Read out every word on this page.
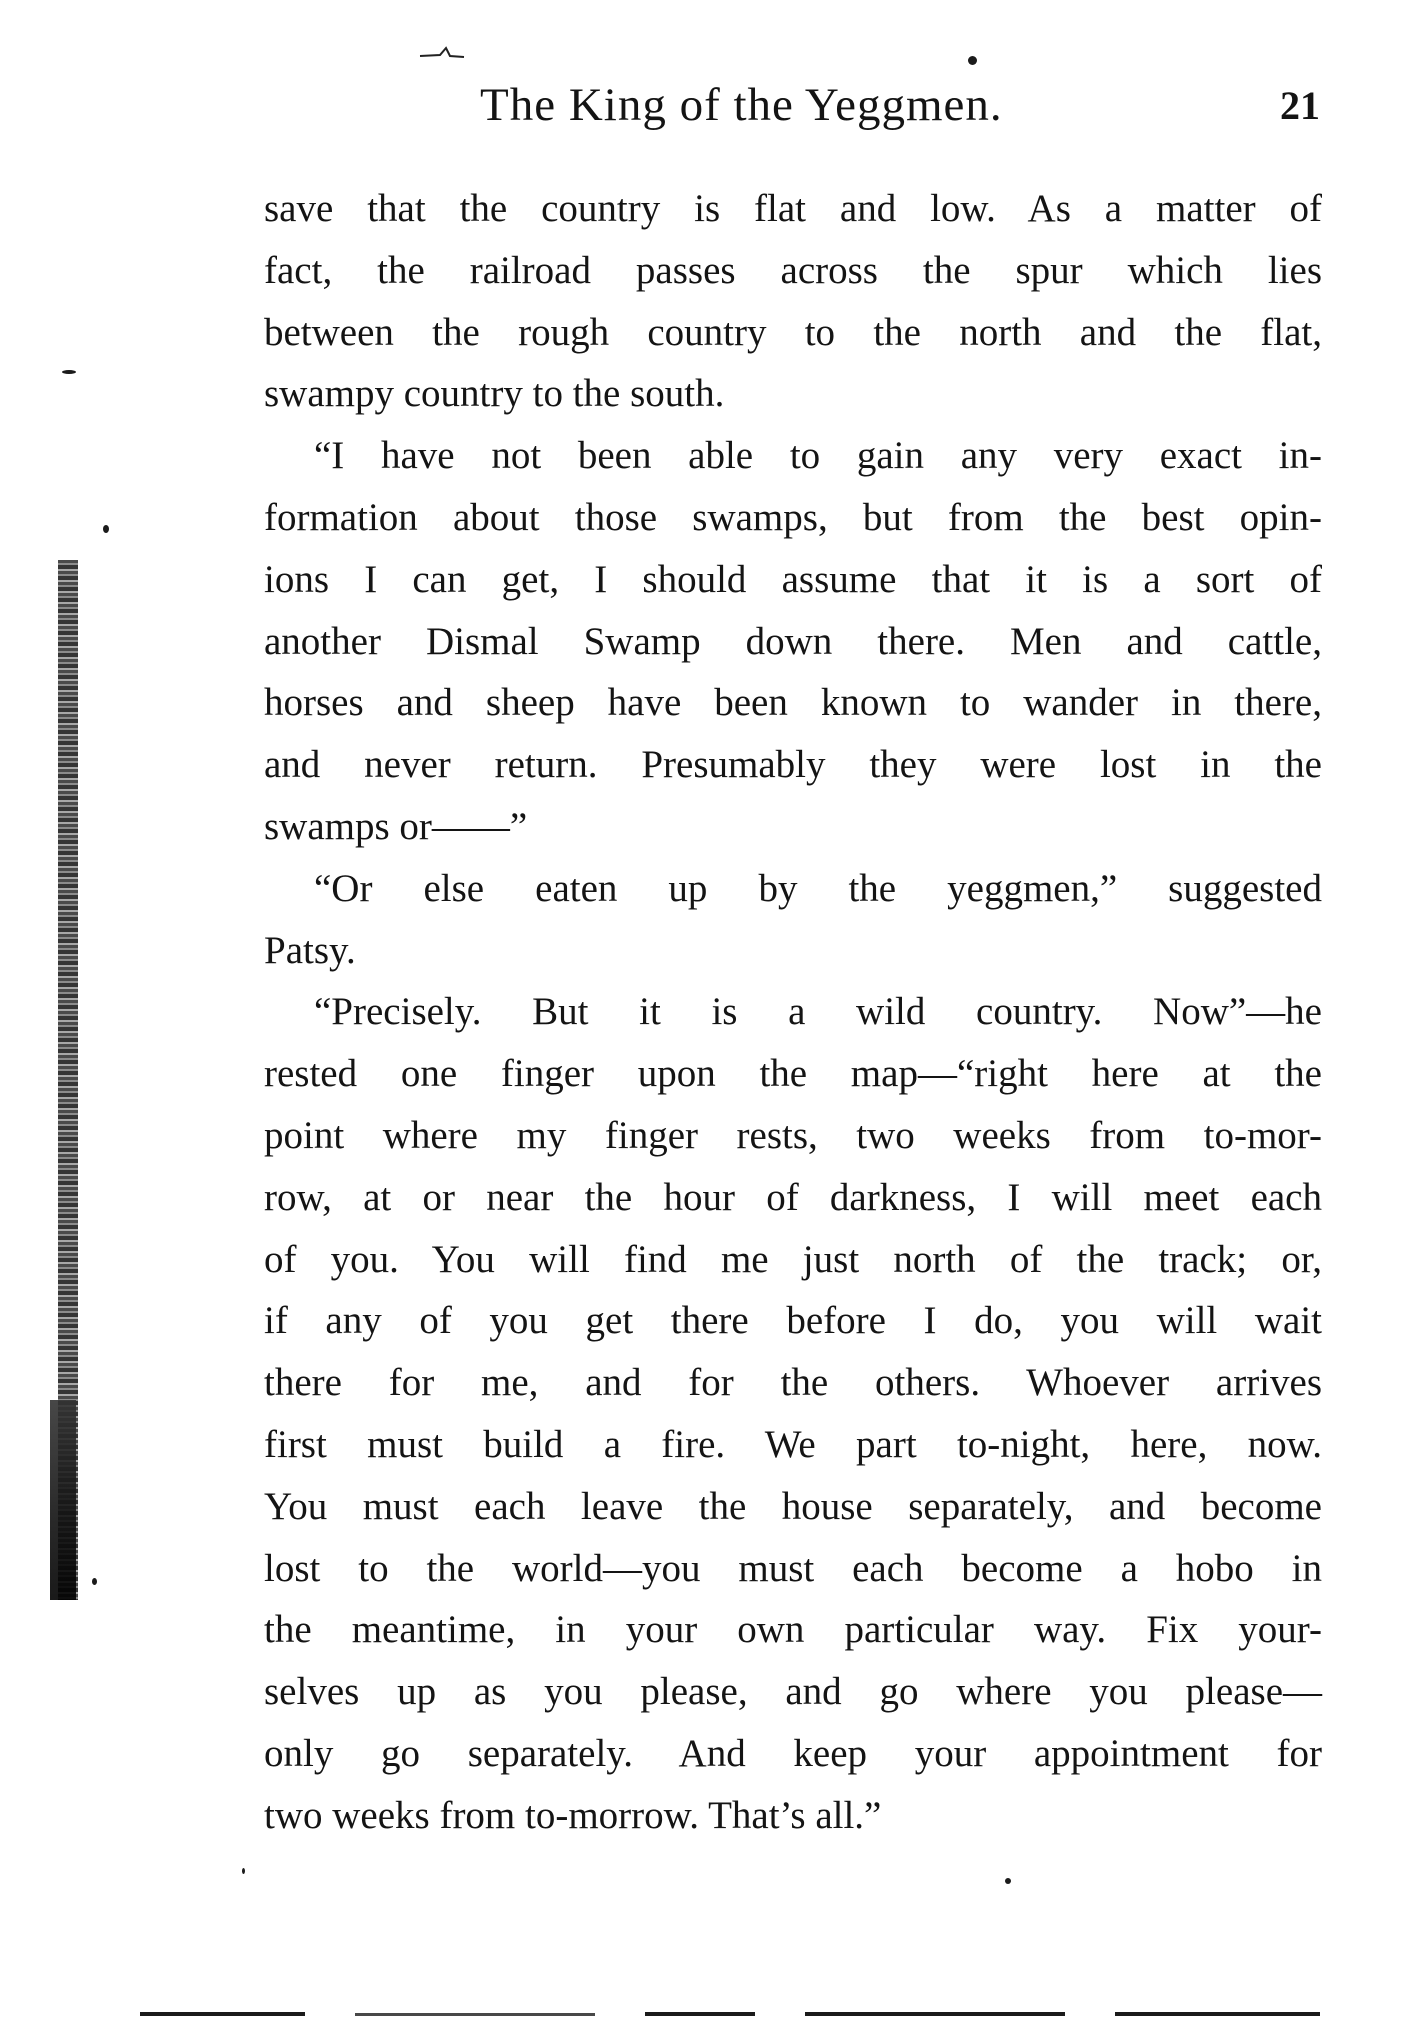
The King of the Yeggmen.	21
save that the country is flat and low. As a matter of
fact, the railroad passes across the spur which lies
between the rough country to the north and the flat,
swampy country to the south.
“I have not been able to gain any very exact in-
formation about those swamps, but from the best opin-
ions I can get, I should assume that it is a sort of
another Dismal Swamp down there. Men and cattle,
horses and sheep have been known to wander in there,
and never return. Presumably they were lost in the
swamps or——”
“Or else eaten up by the yeggmen,” suggested
Patsy.
“Precisely. But it is a wild country. Now”—he
rested one finger upon the map—“right here at the
point where my finger rests, two weeks from to-mor-
row, at or near the hour of darkness, I will meet each
of you. You will find me just north of the track; or,
if any of you get there before I do, you will wait
there for me, and for the others. Whoever arrives
first must build a fire. We part to-night, here, now.
You must each leave the house separately, and become
lost to the world—you must each become a hobo in
the meantime, in your own particular way. Fix your-
selves up as you please, and go where you please—
only go separately. And keep your appointment for
two weeks from to-morrow. That’s all.”
